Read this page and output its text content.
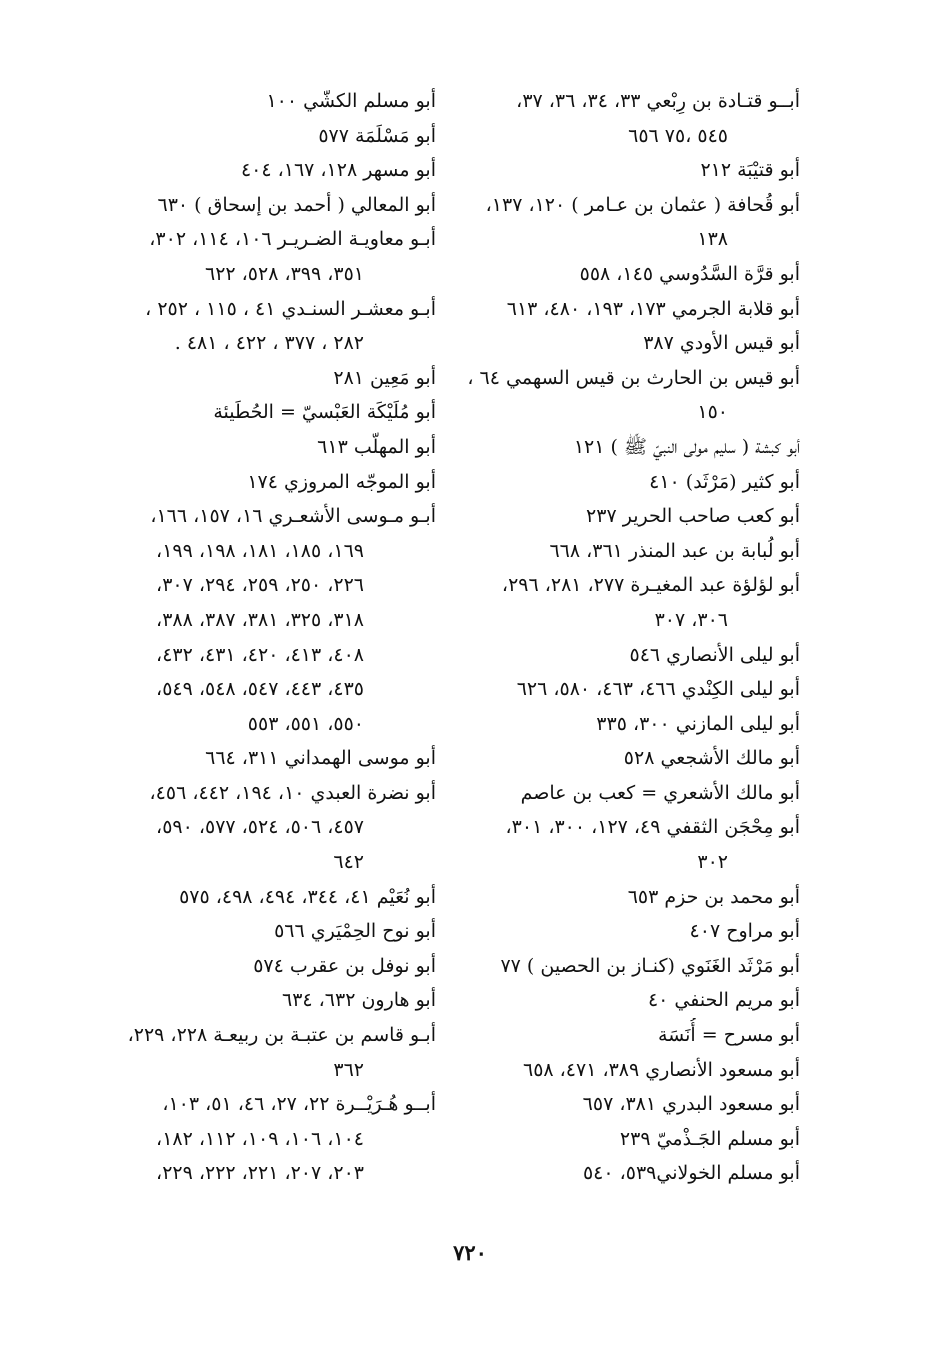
أبــو قتـادة بن رِبْعي ٣٣، ٣٤، ٣٦، ٣٧،
٥٤٥ ،٧٥ ٦٥٦
أبو قتيْبَة ٢١٢
أبو قُحافة ( عثمان بن عـامر ) ١٢٠، ١٣٧،
١٣٨
أبو قرَّة السَّدُوسي ١٤٥، ٥٥٨
أبو قلابة الجرمي ١٧٣، ١٩٣، ٤٨٠، ٦١٣
أبو قيس الأودي ٣٨٧
أبو قيس بن الحارث بن قيس السهمي ٦٤ ،
١٥٠
أبو كبشة ( سليم مولى النبيّ ﷺ ) ١٢١
أبو كثير (مَرْثَد) ٤١٠
أبو كعب صاحب الحرير ٢٣٧
أبو لُبابة بن عبد المنذر ٣٦١، ٦٦٨
أبو لؤلؤة عبد المغيـرة ٢٧٧، ٢٨١، ٢٩٦،
٣٠٦، ٣٠٧
أبو ليلى الأنصاري ٥٤٦
أبو ليلى الكِنْدي ٤٦٦، ٤٦٣، ٥٨٠، ٦٢٦
أبو ليلى المازني ٣٠٠، ٣٣٥
أبو مالك الأشجعي ٥٢٨
أبو مالك الأشعري = كعب بن عاصم
أبو مِحْجَن الثقفي ٤٩، ١٢٧، ٣٠٠، ٣٠١،
٣٠٢
أبو محمد بن حزم ٦٥٣
أبو مراوح ٤٠٧
أبو مَرْثَد الغَنَوي (كنـاز بن الحصين ) ٧٧
أبو مريم الحنفي ٤٠
أبو مسرح = أُنَسَة
أبو مسعود الأنصاري ٣٨٩، ٤٧١، ٦٥٨
أبو مسعود البدري ٣٨١، ٦٥٧
أبو مسلم الجَـذْميّ ٢٣٩
أبو مسلم الخولاني٥٣٩، ٥٤٠
أبو مسلم الكشّي ١٠٠
أبو مَسْلَمَة ٥٧٧
أبو مسهر ١٢٨، ١٦٧، ٤٠٤
أبو المعالي ( أحمد بن إسحاق ) ٦٣٠
أبـو معاويـة الضـريـر ١٠٦، ١١٤، ٣٠٢،
٣٥١، ٣٩٩، ٥٢٨، ٦٢٢
أبـو معشـر السنـدي ٤١ ، ١١٥ ، ٢٥٢ ،
٢٨٢ ، ٣٧٧ ، ٤٢٢ ، ٤٨١ .
أبو مَعِين ٢٨١
أبو مُلَيْكَة العَبْسيّ = الحُطَيئة
أبو المهلّب ٦١٣
أبو الموجّه المروزي ١٧٤
أبـو مـوسى الأشعـري ١٦، ١٥٧، ١٦٦،
١٦٩، ١٨٥، ١٨١، ١٩٨، ١٩٩،
٢٢٦، ٢٥٠، ٢٥٩، ٢٩٤، ٣٠٧،
٣١٨، ٣٢٥، ٣٨١، ٣٨٧، ٣٨٨،
٤٠٨، ٤١٣، ٤٢٠، ٤٣١، ٤٣٢،
٤٣٥، ٤٤٣، ٥٤٧، ٥٤٨، ٥٤٩،
٥٥٠، ٥٥١، ٥٥٣
أبو موسى الهمداني ٣١١، ٦٦٤
أبو نضرة العبدي ١٠، ١٩٤، ٤٤٢، ٤٥٦،
٤٥٧، ٥٠٦، ٥٢٤، ٥٧٧، ٥٩٠،
٦٤٢
أبو نُعَيْم ٤١، ٣٤٤، ٤٩٤، ٤٩٨، ٥٧٥
أبو نوح الحِمْيَري ٥٦٦
أبو نوفل بن عقرب ٥٧٤
أبو هارون ٦٣٢، ٦٣٤
أبـو قاسم بن عتبـة بن ربيعـة ٢٢٨، ٢٢٩،
٣٦٢
أبــو هُـرَيْــرة ٢٢، ٢٧، ٤٦، ٥١، ١٠٣،
١٠٤، ١٠٦، ١٠٩، ١١٢، ١٨٢،
٢٠٣، ٢٠٧، ٢٢١، ٢٢٢، ٢٢٩،
٧٢٠
